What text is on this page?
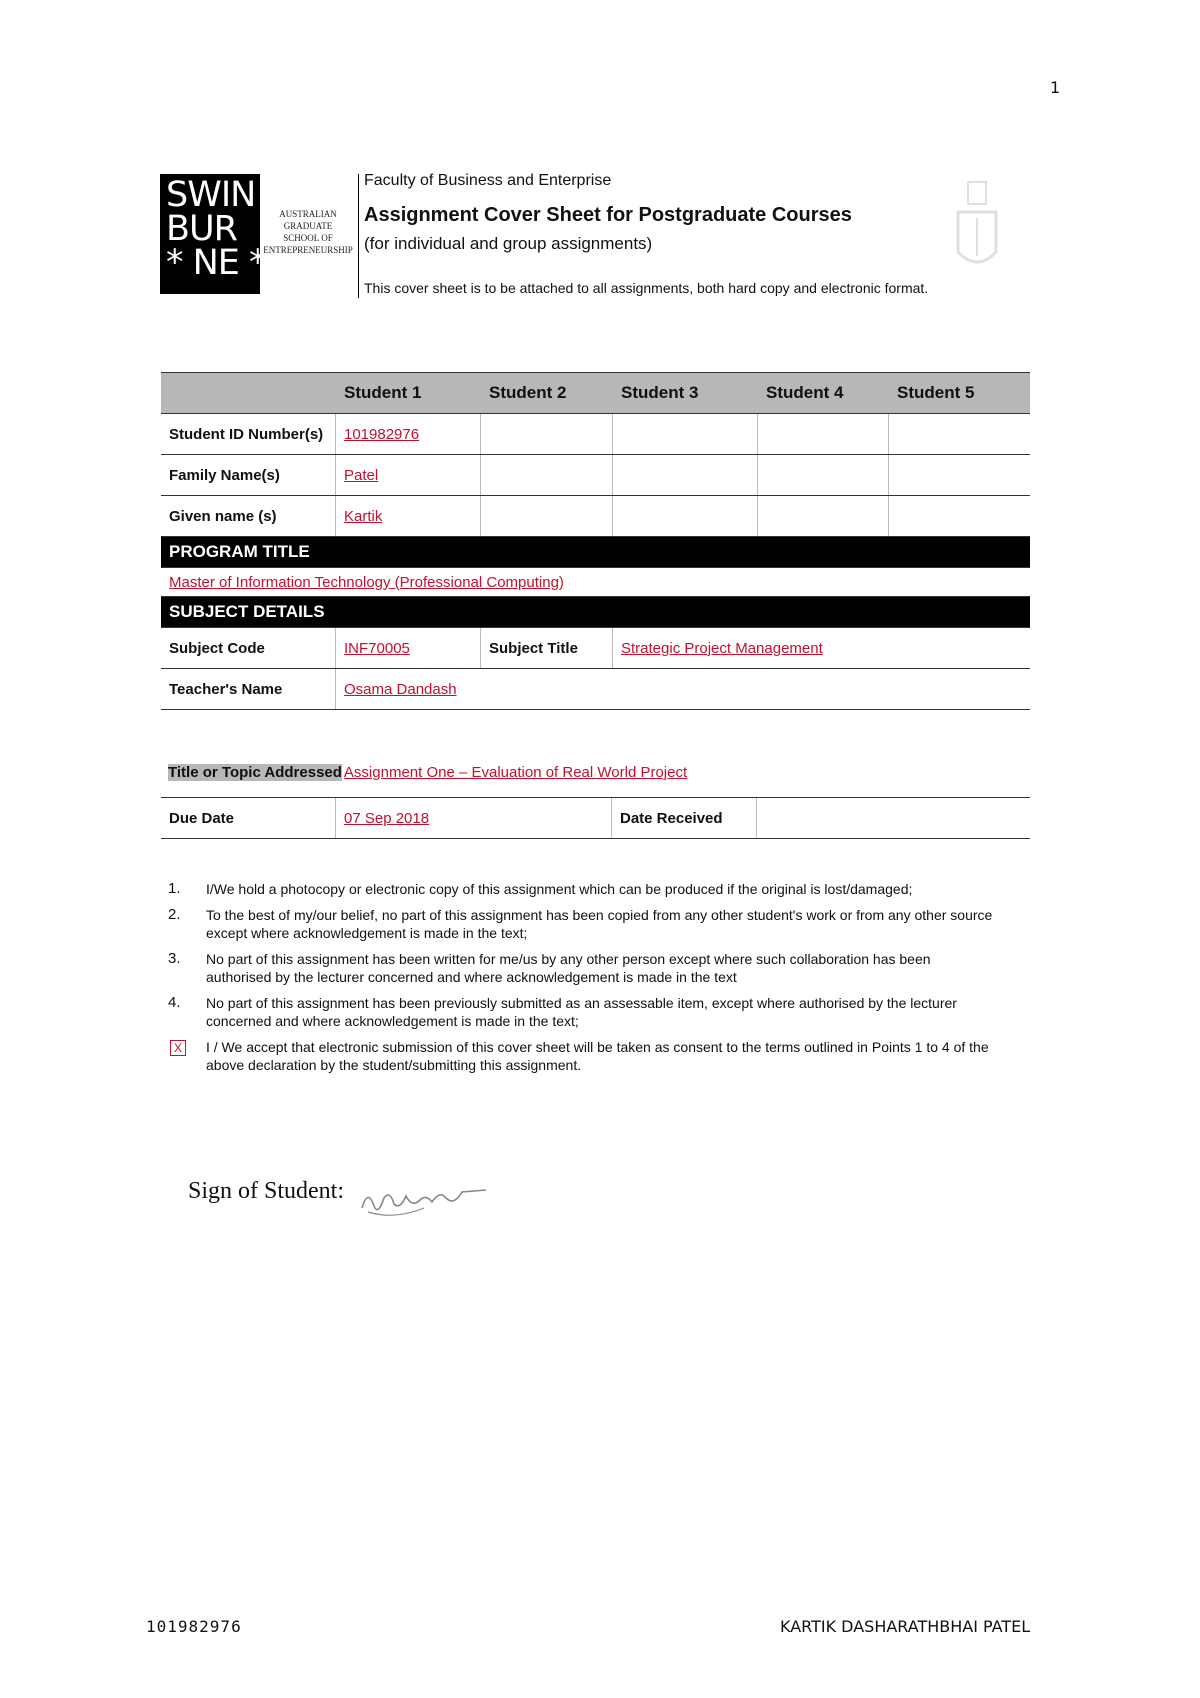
1
SWIN
BUR
* NE *
AUSTRALIAN
GRADUATE
SCHOOL OF
ENTREPRENEURSHIP
Faculty of Business and Enterprise
Assignment Cover Sheet for Postgraduate Courses
(for individual and group assignments)
This cover sheet is to be attached to all assignments, both hard copy and electronic format.
	Student 1	Student 2	Student 3	Student 4	Student 5
Student ID Number(s)	101982976				
Family Name(s)	Patel				
Given name (s)	Kartik				
PROGRAM TITLE					
Master of Information Technology (Professional Computing)					
SUBJECT DETAILS					
Subject Code	INF70005	Subject Title	Strategic Project Management		
Teacher's Name	Osama Dandash				
Title or Topic Addressed Assignment One – Evaluation of Real World Project
Due Date	07 Sep 2018	Date Received	
1. I/We hold a photocopy or electronic copy of this assignment which can be produced if the original is lost/damaged;
2. To the best of my/our belief, no part of this assignment has been copied from any other student's work or from any other source except where acknowledgement is made in the text;
3. No part of this assignment has been written for me/us by any other person except where such collaboration has been authorised by the lecturer concerned and where acknowledgement is made in the text
4. No part of this assignment has been previously submitted as an assessable item, except where authorised by the lecturer concerned and where acknowledgement is made in the text;
X I / We accept that electronic submission of this cover sheet will be taken as consent to the terms outlined in Points 1 to 4 of the above declaration by the student/submitting this assignment.
Sign of Student:
101982976	KARTIK DASHARATHBHAI PATEL
